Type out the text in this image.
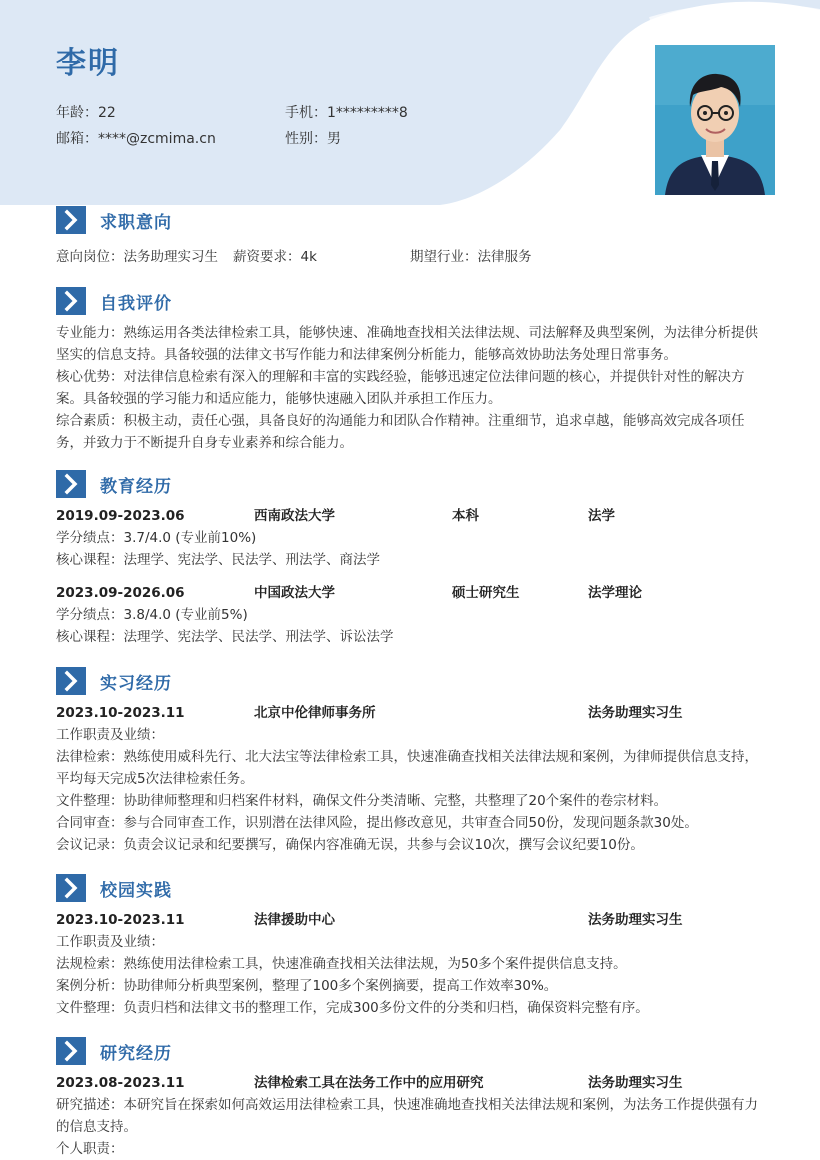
李明
年龄：22	手机：1*********8
邮箱：****@zcmima.cn	性别：男
求职意向
意向岗位：法务助理实习生 薪资要求：4k	期望行业：法律服务
自我评价

专业能力：熟练运用各类法律检索工具，能够快速、准确地查找相关法律法规、司法解释及典型案例，为法律分析提供坚实的信息支持。具备较强的法律文书写作能力和法律案例分析能力，能够高效协助法务处理日常事务。

核心优势：对法律信息检索有深入的理解和丰富的实践经验，能够迅速定位法律问题的核心，并提供针对性的解决方案。具备较强的学习能力和适应能力，能够快速融入团队并承担工作压力。

综合素质：积极主动，责任心强，具备良好的沟通能力和团队合作精神。注重细节，追求卓越，能够高效完成各项任务，并致力于不断提升自身专业素养和综合能力。

教育经历
2019.09-2023.06	西南政法大学	本科	法学

学分绩点：3.7/4.0 (专业前10%)

核心课程：法理学、宪法学、民法学、刑法学、商法学

2023.09-2026.06	中国政法大学	硕士研究生	法学理论

学分绩点：3.8/4.0 (专业前5%)

核心课程：法理学、宪法学、民法学、刑法学、诉讼法学

实习经历
2023.10-2023.11	北京中伦律师事务所	法务助理实习生

工作职责及业绩：

法律检索：熟练使用威科先行、北大法宝等法律检索工具，快速准确查找相关法律法规和案例，为律师提供信息支持，平均每天完成5次法律检索任务。

文件整理：协助律师整理和归档案件材料，确保文件分类清晰、完整，共整理了20个案件的卷宗材料。

合同审查：参与合同审查工作，识别潜在法律风险，提出修改意见，共审查合同50份，发现问题条款30处。

会议记录：负责会议记录和纪要撰写，确保内容准确无误，共参与会议10次，撰写会议纪要10份。

校园实践
2023.10-2023.11	法律援助中心	法务助理实习生

工作职责及业绩：

法规检索：熟练使用法律检索工具，快速准确查找相关法律法规，为50多个案件提供信息支持。

案例分析：协助律师分析典型案例，整理了100多个案例摘要，提高工作效率30%。

文件整理：负责归档和法律文书的整理工作，完成300多份文件的分类和归档，确保资料完整有序。

研究经历
2023.08-2023.11	法律检索工具在法务工作中的应用研究	法务助理实习生

研究描述：本研究旨在探索如何高效运用法律检索工具，快速准确地查找相关法律法规和案例，为法务工作提供强有力的信息支持。

个人职责：
